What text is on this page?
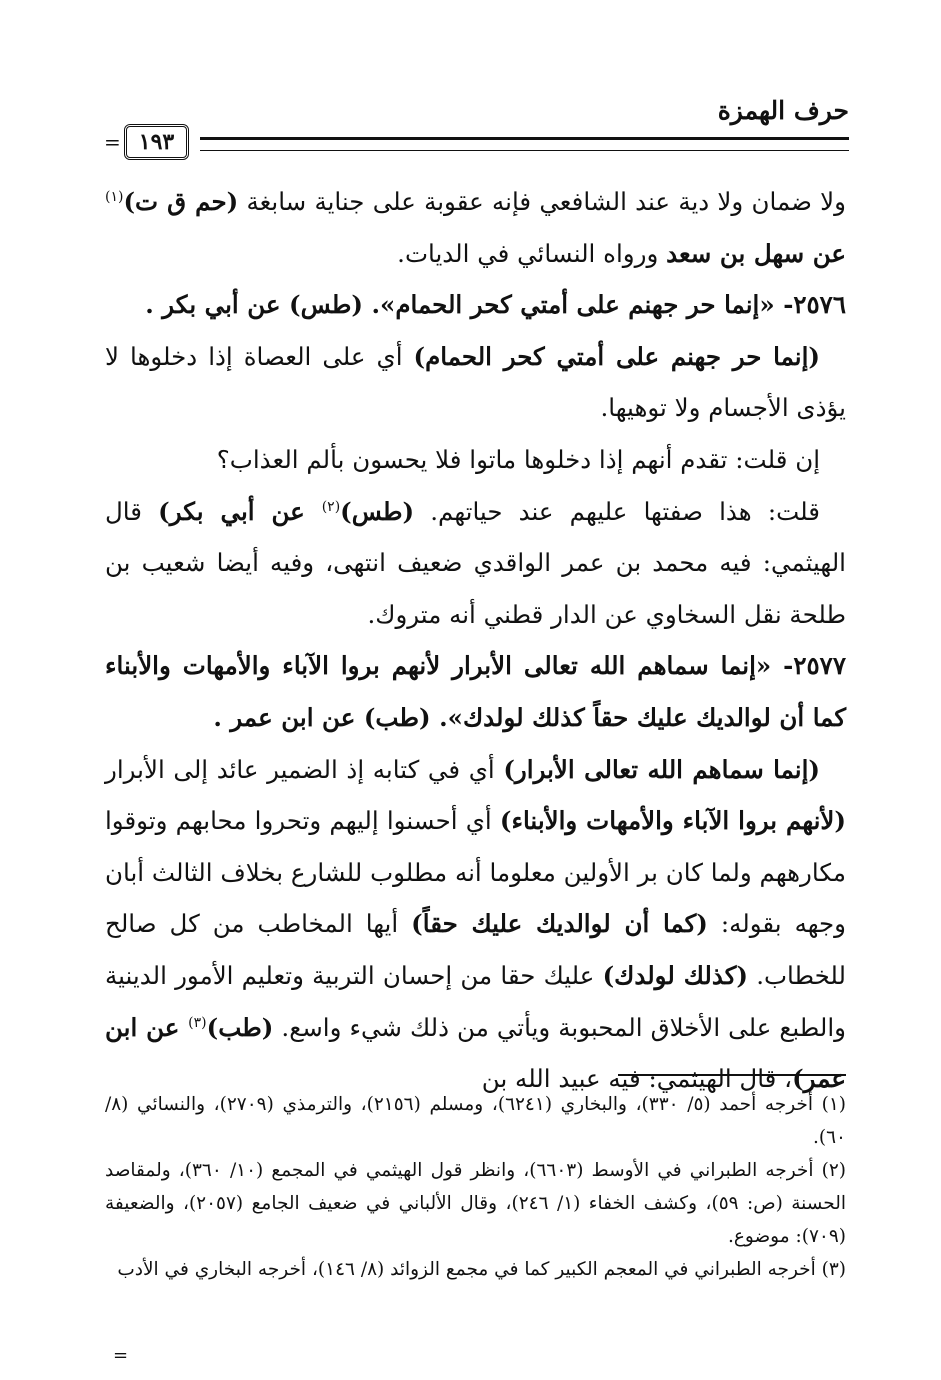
حرف الهمزة
= ١٩٣

ولا ضمان ولا دية عند الشافعي فإنه عقوبة على جناية سابغة (حم ق ت)$^{(١)}$ عن سهل بن سعد ورواه النسائي في الديات.

٢٥٧٦- «إنما حر جهنم على أمتي كحر الحمام». (طس) عن أبي بكر .

(إنما حر جهنم على أمتي كحر الحمام) أي على العصاة إذا دخلوها لا يؤذى الأجسام ولا توهيها.

إن قلت: تقدم أنهم إذا دخلوها ماتوا فلا يحسون بألم العذاب؟

قلت: هذا صفتها عليهم عند حياتهم. (طس)$^{(٢)}$ عن أبي بكر) قال الهيثمي: فيه محمد بن عمر الواقدي ضعيف انتهى، وفيه أيضا شعيب بن طلحة نقل السخاوي عن الدار قطني أنه متروك.

٢٥٧٧- «إنما سماهم الله تعالى الأبرار لأنهم بروا الآباء والأمهات والأبناء كما أن لوالديك عليك حقاً كذلك لولدك». (طب) عن ابن عمر .

(إنما سماهم الله تعالى الأبرار) أي في كتابه إذ الضمير عائد إلى الأبرار (لأنهم بروا الآباء والأمهات والأبناء) أي أحسنوا إليهم وتحروا محابهم وتوقوا مكارههم ولما كان بر الأولين معلوما أنه مطلوب للشارع بخلاف الثالث أبان وجهه بقوله: (كما أن لوالديك عليك حقاً) أيها المخاطب من كل صالح للخطاب. (كذلك لولدك) عليك حقا من إحسان التربية وتعليم الأمور الدينية والطبع على الأخلاق المحبوبة ويأتي من ذلك شيء واسع. (طب)$^{(٣)}$ عن ابن عمر)، قال الهيثمي: فيه عبيد الله بن

(١) أخرجه أحمد (٥/ ٣٣٠)، والبخاري (٦٢٤١)، ومسلم (٢١٥٦)، والترمذي (٢٧٠٩)، والنسائي (٨/ ٦٠).

(٢) أخرجه الطبراني في الأوسط (٦٦٠٣)، وانظر قول الهيثمي في المجمع (١٠/ ٣٦٠)، ولمقاصد الحسنة (ص: ٥٩)، وكشف الخفاء (١/ ٢٤٦)، وقال الألباني في ضعيف الجامع (٢٠٥٧)، والضعيفة (٧٠٩): موضوع.

(٣) أخرجه الطبراني في المعجم الكبير كما في مجمع الزوائد (٨/ ١٤٦)، أخرجه البخاري في الأدب

=
